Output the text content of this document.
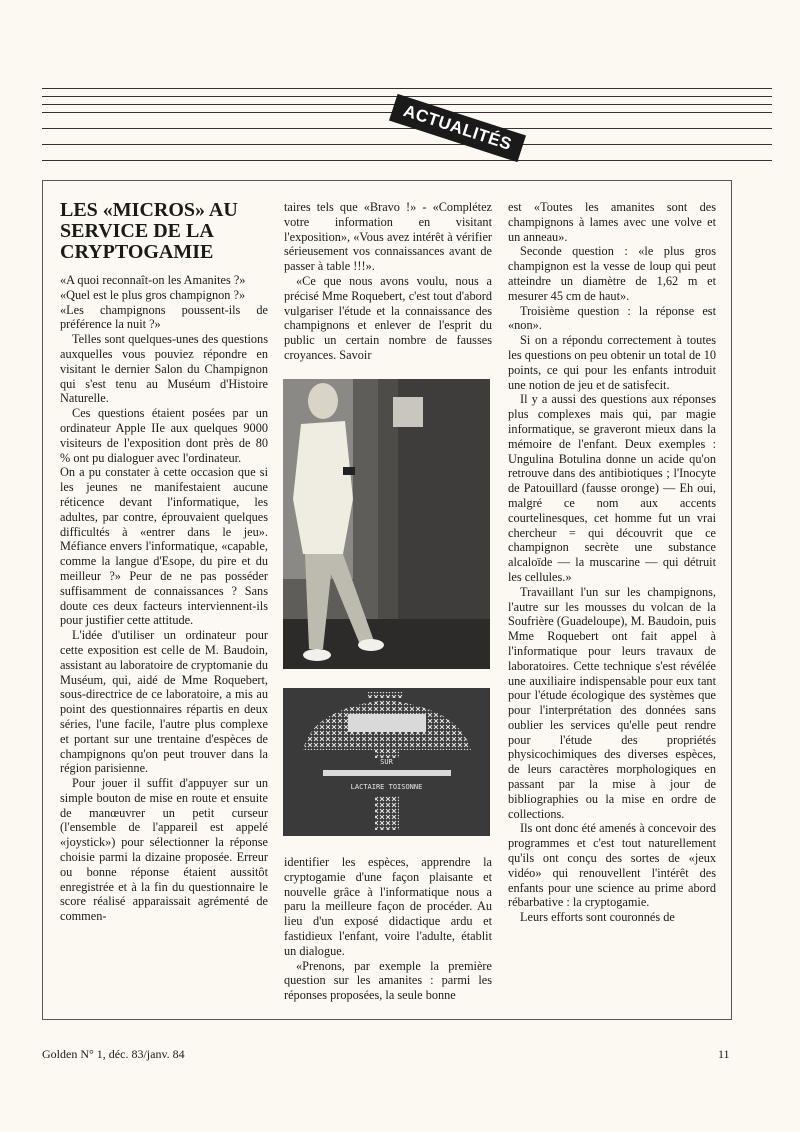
ACTUALITÉS
LES «MICROS» AU SERVICE DE LA CRYPTOGAMIE

«A quoi reconnaît-on les Amanites ?»

«Quel est le plus gros champignon ?»

«Les champignons poussent-ils de préférence la nuit ?»

Telles sont quelques-unes des questions auxquelles vous pouviez répondre en visitant le dernier Salon du Champignon qui s'est tenu au Muséum d'Histoire Naturelle.

Ces questions étaient posées par un ordinateur Apple IIe aux quelques 9000 visiteurs de l'exposition dont près de 80 % ont pu dialoguer avec l'ordinateur.

On a pu constater à cette occasion que si les jeunes ne manifestaient aucune réticence devant l'informatique, les adultes, par contre, éprouvaient quelques difficultés à «entrer dans le jeu». Méfiance envers l'informatique, «capable, comme la langue d'Esope, du pire et du meilleur ?» Peur de ne pas posséder suffisamment de connaissances ? Sans doute ces deux facteurs interviennent-ils pour justifier cette attitude.

L'idée d'utiliser un ordinateur pour cette exposition est celle de M. Baudoin, assistant au laboratoire de cryptomanie du Muséum, qui, aidé de Mme Roquebert, sous-directrice de ce laboratoire, a mis au point des questionnaires répartis en deux séries, l'une facile, l'autre plus complexe et portant sur une trentaine d'espèces de champignons qu'on peut trouver dans la région parisienne.

Pour jouer il suffit d'appuyer sur un simple bouton de mise en route et ensuite de manœuvrer un petit curseur (l'ensemble de l'appareil est appelé «joystick») pour sélectionner la réponse choisie parmi la dizaine proposée. Erreur ou bonne réponse étaient aussitôt enregistrée et à la fin du questionnaire le score réalisé apparaissait agrémenté de commen-

taires tels que «Bravo !» - «Complétez votre information en visitant l'exposition», «Vous avez intérêt à vérifier sérieusement vos connaissances avant de passer à table !!!».

«Ce que nous avons voulu, nous a précisé Mme Roquebert, c'est tout d'abord vulgariser l'étude et la connaissance des champignons et enlever de l'esprit du public un certain nombre de fausses croyances. Savoir

SUR
LACTAIRE TOISONNE

identifier les espèces, apprendre la cryptogamie d'une façon plaisante et nouvelle grâce à l'informatique nous a paru la meilleure façon de procéder. Au lieu d'un exposé didactique ardu et fastidieux l'enfant, voire l'adulte, établit un dialogue.

«Prenons, par exemple la première question sur les amanites : parmi les réponses proposées, la seule bonne

est «Toutes les amanites sont des champignons à lames avec une volve et un anneau».

Seconde question : «le plus gros champignon est la vesse de loup qui peut atteindre un diamètre de 1,62 m et mesurer 45 cm de haut».

Troisième question : la réponse est «non».

Si on a répondu correctement à toutes les questions on peu obtenir un total de 10 points, ce qui pour les enfants introduit une notion de jeu et de satisfecit.

Il y a aussi des questions aux réponses plus complexes mais qui, par magie informatique, se graveront mieux dans la mémoire de l'enfant. Deux exemples : Ungulina Botulina donne un acide qu'on retrouve dans des antibiotiques ; l'Inocyte de Patouillard (fausse oronge) — Eh oui, malgré ce nom aux accents courtelinesques, cet homme fut un vrai chercheur = qui découvrit que ce champignon secrète une substance alcaloïde — la muscarine — qui détruit les cellules.»

Travaillant l'un sur les champignons, l'autre sur les mousses du volcan de la Soufrière (Guadeloupe), M. Baudoin, puis Mme Roquebert ont fait appel à l'informatique pour leurs travaux de laboratoires. Cette technique s'est révélée une auxiliaire indispensable pour eux tant pour l'étude écologique des systèmes que pour l'interprétation des données sans oublier les services qu'elle peut rendre pour l'étude des propriétés physicochimiques des diverses espèces, de leurs caractères morphologiques en passant par la mise à jour de bibliographies ou la mise en ordre de collections.

Ils ont donc été amenés à concevoir des programmes et c'est tout naturellement qu'ils ont conçu des sortes de «jeux vidéo» qui renouvellent l'intérêt des enfants pour une science au prime abord rébarbative : la cryptogamie.

Leurs efforts sont couronnés de

Golden N° 1, déc. 83/janv. 84	11
